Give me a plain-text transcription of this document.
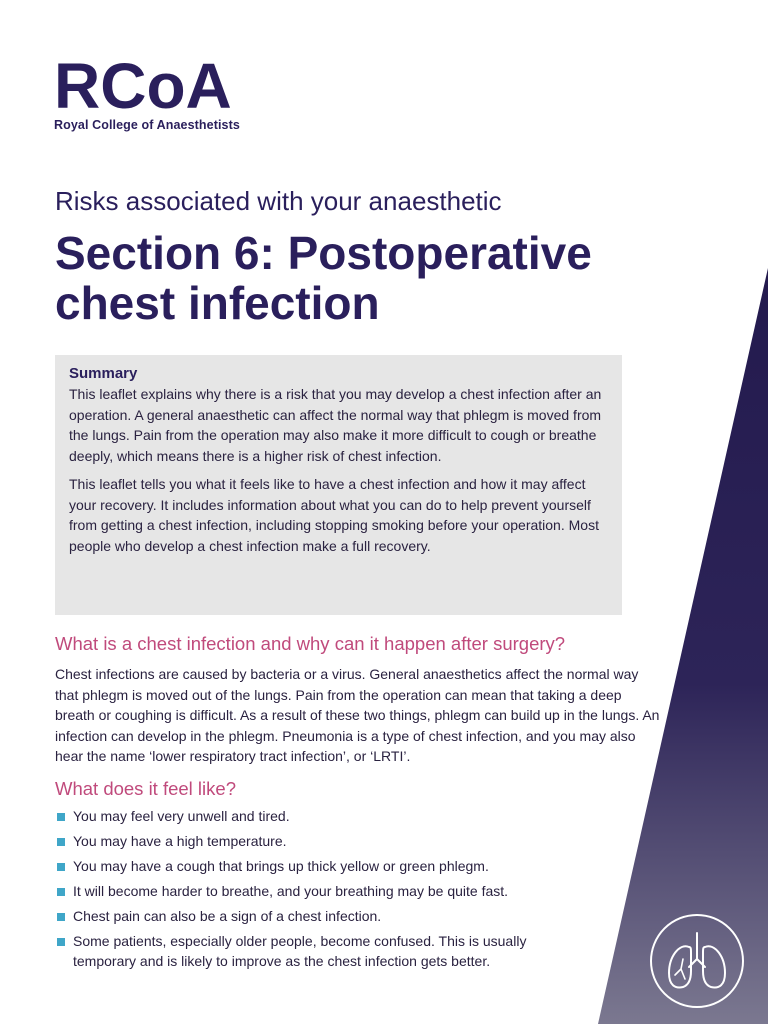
RCoA
Royal College of Anaesthetists
Risks associated with your anaesthetic
Section 6: Postoperative chest infection
Summary

This leaflet explains why there is a risk that you may develop a chest infection after an operation. A general anaesthetic can affect the normal way that phlegm is moved from the lungs. Pain from the operation may also make it more difficult to cough or breathe deeply, which means there is a higher risk of chest infection.

This leaflet tells you what it feels like to have a chest infection and how it may affect your recovery. It includes information about what you can do to help prevent yourself from getting a chest infection, including stopping smoking before your operation. Most people who develop a chest infection make a full recovery.

What is a chest infection and why can it happen after surgery?

Chest infections are caused by bacteria or a virus. General anaesthetics affect the normal way that phlegm is moved out of the lungs. Pain from the operation can mean that taking a deep breath or coughing is difficult. As a result of these two things, phlegm can build up in the lungs. An infection can develop in the phlegm. Pneumonia is a type of chest infection, and you may also hear the name ‘lower respiratory tract infection’, or ‘LRTI’.

What does it feel like?
You may feel very unwell and tired.
You may have a high temperature.
You may have a cough that brings up thick yellow or green phlegm.
It will become harder to breathe, and your breathing may be quite fast.
Chest pain can also be a sign of a chest infection.
Some patients, especially older people, become confused. This is usually temporary and is likely to improve as the chest infection gets better.
